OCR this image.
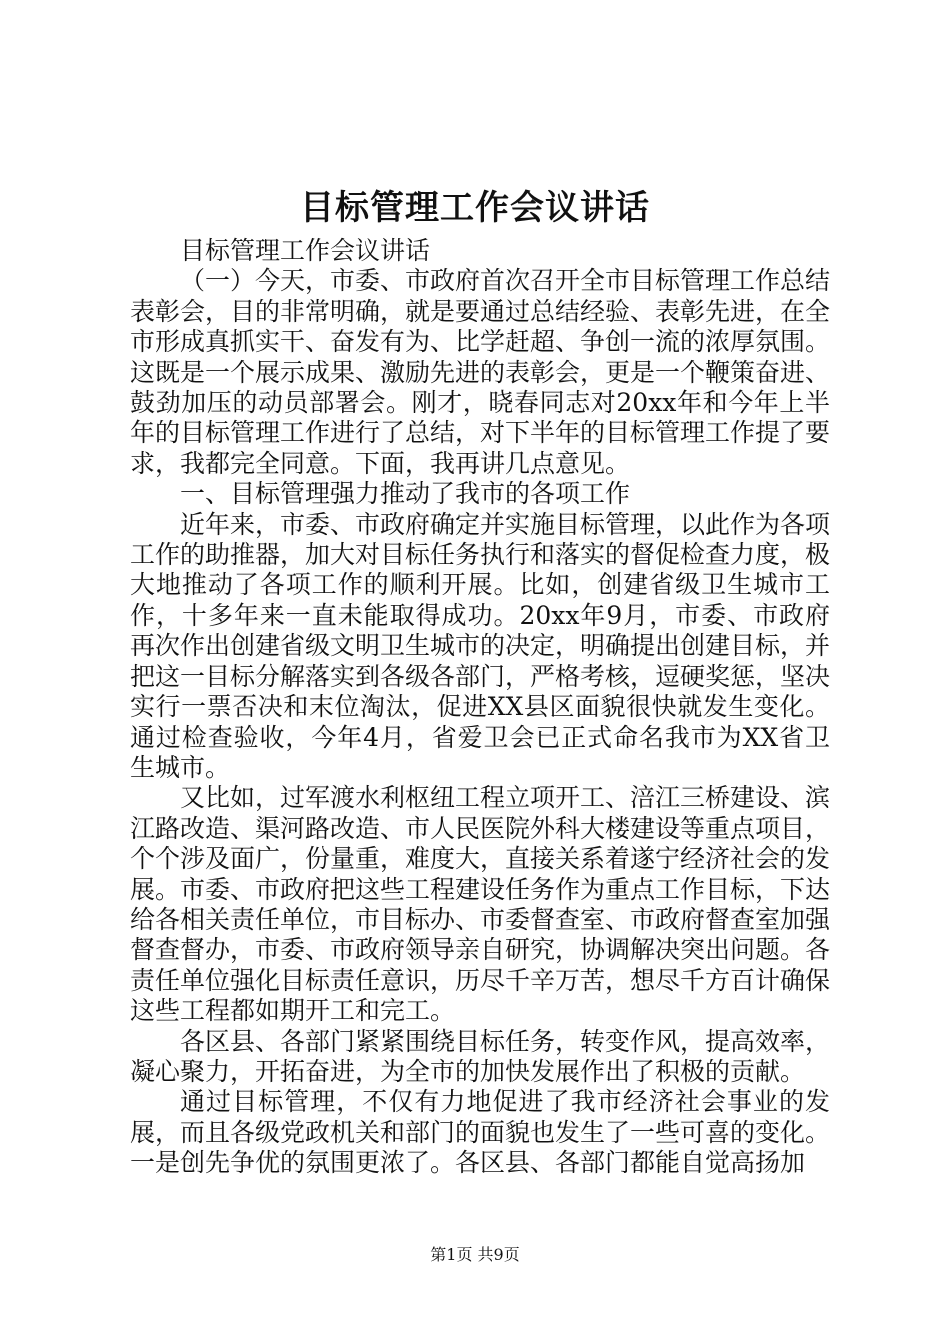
目标管理工作会议讲话

目标管理工作会议讲话

（一）今天，市委、市政府首次召开全市目标管理工作总结表彰会，目的非常明确，就是要通过总结经验、表彰先进，在全市形成真抓实干、奋发有为、比学赶超、争创一流的浓厚氛围。这既是一个展示成果、激励先进的表彰会，更是一个鞭策奋进、鼓劲加压的动员部署会。刚才，晓春同志对20xx年和今年上半年的目标管理工作进行了总结，对下半年的目标管理工作提了要求，我都完全同意。下面，我再讲几点意见。

一、目标管理强力推动了我市的各项工作

近年来，市委、市政府确定并实施目标管理，以此作为各项工作的助推器，加大对目标任务执行和落实的督促检查力度，极大地推动了各项工作的顺利开展。比如，创建省级卫生城市工作，十多年来一直未能取得成功。20xx年9月，市委、市政府再次作出创建省级文明卫生城市的决定，明确提出创建目标，并把这一目标分解落实到各级各部门，严格考核，逗硬奖惩，坚决实行一票否决和末位淘汰，促进XX县区面貌很快就发生变化。通过检查验收，今年4月，省爱卫会已正式命名我市为XX省卫生城市。

又比如，过军渡水利枢纽工程立项开工、涪江三桥建设、滨江路改造、渠河路改造、市人民医院外科大楼建设等重点项目，个个涉及面广，份量重，难度大，直接关系着遂宁经济社会的发展。市委、市政府把这些工程建设任务作为重点工作目标，下达给各相关责任单位，市目标办、市委督查室、市政府督查室加强督查督办，市委、市政府领导亲自研究，协调解决突出问题。各责任单位强化目标责任意识，历尽千辛万苦，想尽千方百计确保这些工程都如期开工和完工。

各区县、各部门紧紧围绕目标任务，转变作风，提高效率，凝心聚力，开拓奋进，为全市的加快发展作出了积极的贡献。

通过目标管理，不仅有力地促进了我市经济社会事业的发展，而且各级党政机关和部门的面貌也发生了一些可喜的变化。一是创先争优的氛围更浓了。各区县、各部门都能自觉高扬加

第1页 共9页
